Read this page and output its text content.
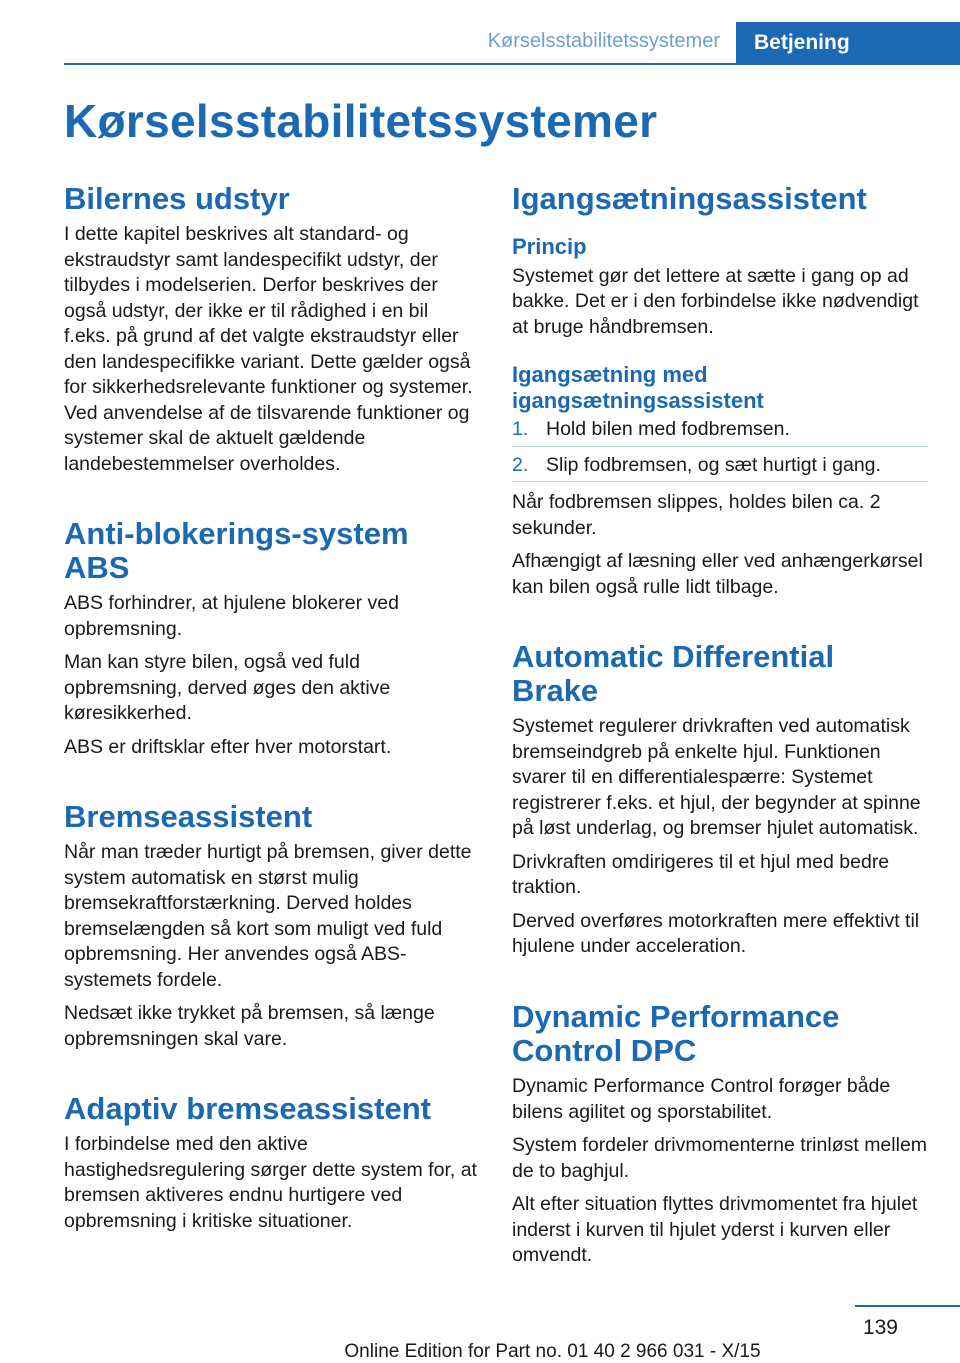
Kørselsstabilitetssystemer	Betjening
Kørselsstabilitetssystemer
Bilernes udstyr

I dette kapitel beskrives alt standard- og ekstraudstyr samt landespecifikt udstyr, der tilbydes i modelserien. Derfor beskrives der også udstyr, der ikke er til rådighed i en bil f.eks. på grund af det valgte ekstraudstyr eller den landespecifikke variant. Dette gælder også for sikkerhedsrelevante funktioner og systemer. Ved anvendelse af de tilsvarende funktioner og systemer skal de aktuelt gældende landebestemmelser overholdes.

Anti-blokerings-system ABS

ABS forhindrer, at hjulene blokerer ved opbremsning.

Man kan styre bilen, også ved fuld opbremsning, derved øges den aktive køresikkerhed.

ABS er driftsklar efter hver motorstart.

Bremseassistent

Når man træder hurtigt på bremsen, giver dette system automatisk en størst mulig bremsekraftforstærkning. Derved holdes bremselængden så kort som muligt ved fuld opbremsning. Her anvendes også ABS-systemets fordele.

Nedsæt ikke trykket på bremsen, så længe opbremsningen skal vare.

Adaptiv bremseassistent

I forbindelse med den aktive hastighedsregulering sørger dette system for, at bremsen aktiveres endnu hurtigere ved opbremsning i kritiske situationer.

Igangsætningsassistent
Princip

Systemet gør det lettere at sætte i gang op ad bakke. Det er i den forbindelse ikke nødvendigt at bruge håndbremsen.

Igangsætning med igangsætningsassistent
1. Hold bilen med fodbremsen.
2. Slip fodbremsen, og sæt hurtigt i gang.

Når fodbremsen slippes, holdes bilen ca. 2 sekunder.

Afhængigt af læsning eller ved anhængerkørsel kan bilen også rulle lidt tilbage.

Automatic Differential Brake

Systemet regulerer drivkraften ved automatisk bremseindgreb på enkelte hjul. Funktionen svarer til en differentialespærre: Systemet registrerer f.eks. et hjul, der begynder at spinne på løst underlag, og bremser hjulet automatisk.

Drivkraften omdirigeres til et hjul med bedre traktion.

Derved overføres motorkraften mere effektivt til hjulene under acceleration.

Dynamic Performance Control DPC

Dynamic Performance Control forøger både bilens agilitet og sporstabilitet.

System fordeler drivmomenterne trinløst mellem de to baghjul.

Alt efter situation flyttes drivmomentet fra hjulet inderst i kurven til hjulet yderst i kurven eller omvendt.

139
Online Edition for Part no. 01 40 2 966 031 - X/15
